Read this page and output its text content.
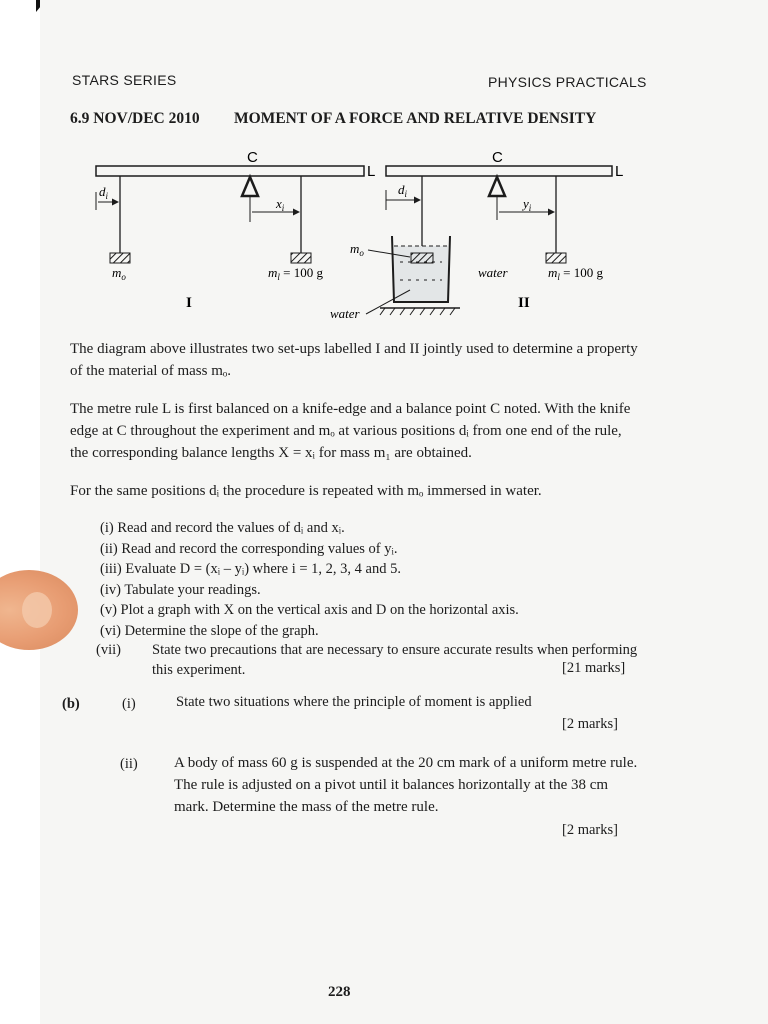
STARS SERIES	PHYSICS PRACTICALS
6.9 NOV/DEC 2010 MOMENT OF A FORCE AND RELATIVE DENSITY
C
L
$d_i$	$x_i$
$m_o$	$m_l = 100$ g
I
C
L
$d_i$
$m_o$
water
$y_i$
water	$m_l = 100$ g
II
The diagram above illustrates two set-ups labelled I and II jointly used to determine a property of the material of mass mₒ.
The metre rule L is first balanced on a knife-edge and a balance point C noted. With the knife edge at C throughout the experiment and mₒ at various positions dᵢ from one end of the rule, the corresponding balance lengths X = xᵢ for mass m₁ are obtained.
For the same positions dᵢ the procedure is repeated with mₒ immersed in water.
(i) Read and record the values of dᵢ and xᵢ.
(ii) Read and record the corresponding values of yᵢ.
(iii) Evaluate D = (xᵢ – yᵢ) where i = 1, 2, 3, 4 and 5.
(iv) Tabulate your readings.
(v) Plot a graph with X on the vertical axis and D on the horizontal axis.
(vi) Determine the slope of the graph.
(vii) State two precautions that are necessary to ensure accurate results when performing this experiment.	[21 marks]
(b)	(i)	State two situations where the principle of moment is applied
[2 marks]
(ii) A body of mass 60 g is suspended at the 20 cm mark of a uniform metre rule. The rule is adjusted on a pivot until it balances horizontally at the 38 cm mark. Determine the mass of the metre rule.
[2 marks]
228
